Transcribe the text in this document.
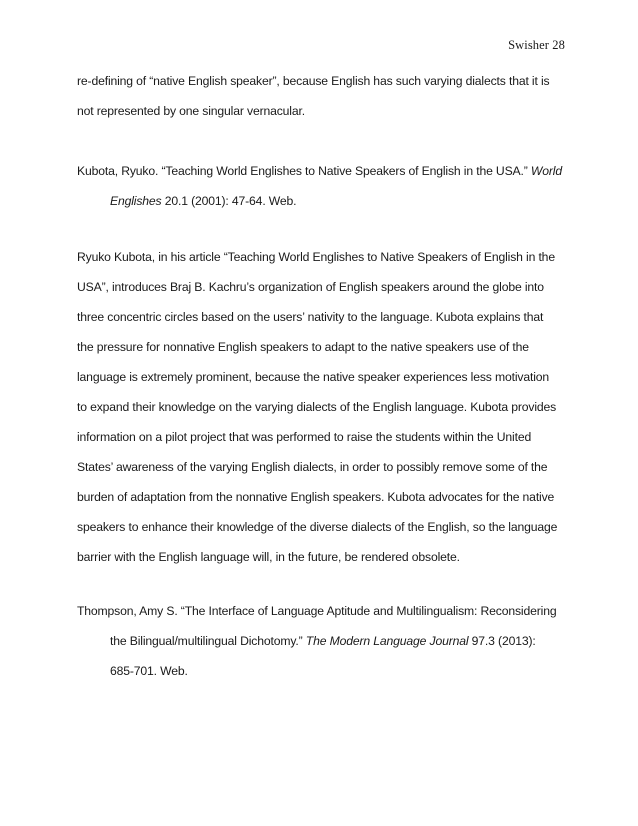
Swisher 28
re-defining of “native English speaker”, because English has such varying dialects that it is
not represented by one singular vernacular.
Kubota, Ryuko. “Teaching World Englishes to Native Speakers of English in the USA.” World
Englishes 20.1 (2001): 47-64. Web.
Ryuko Kubota, in his article “Teaching World Englishes to Native Speakers of English in the
USA”, introduces Braj B. Kachru’s organization of English speakers around the globe into
three concentric circles based on the users’ nativity to the language. Kubota explains that
the pressure for nonnative English speakers to adapt to the native speakers use of the
language is extremely prominent, because the native speaker experiences less motivation
to expand their knowledge on the varying dialects of the English language. Kubota provides
information on a pilot project that was performed to raise the students within the United
States’ awareness of the varying English dialects, in order to possibly remove some of the
burden of adaptation from the nonnative English speakers. Kubota advocates for the native
speakers to enhance their knowledge of the diverse dialects of the English, so the language
barrier with the English language will, in the future, be rendered obsolete.
Thompson, Amy S. “The Interface of Language Aptitude and Multilingualism: Reconsidering
the Bilingual/multilingual Dichotomy.” The Modern Language Journal 97.3 (2013):
685-701. Web.
